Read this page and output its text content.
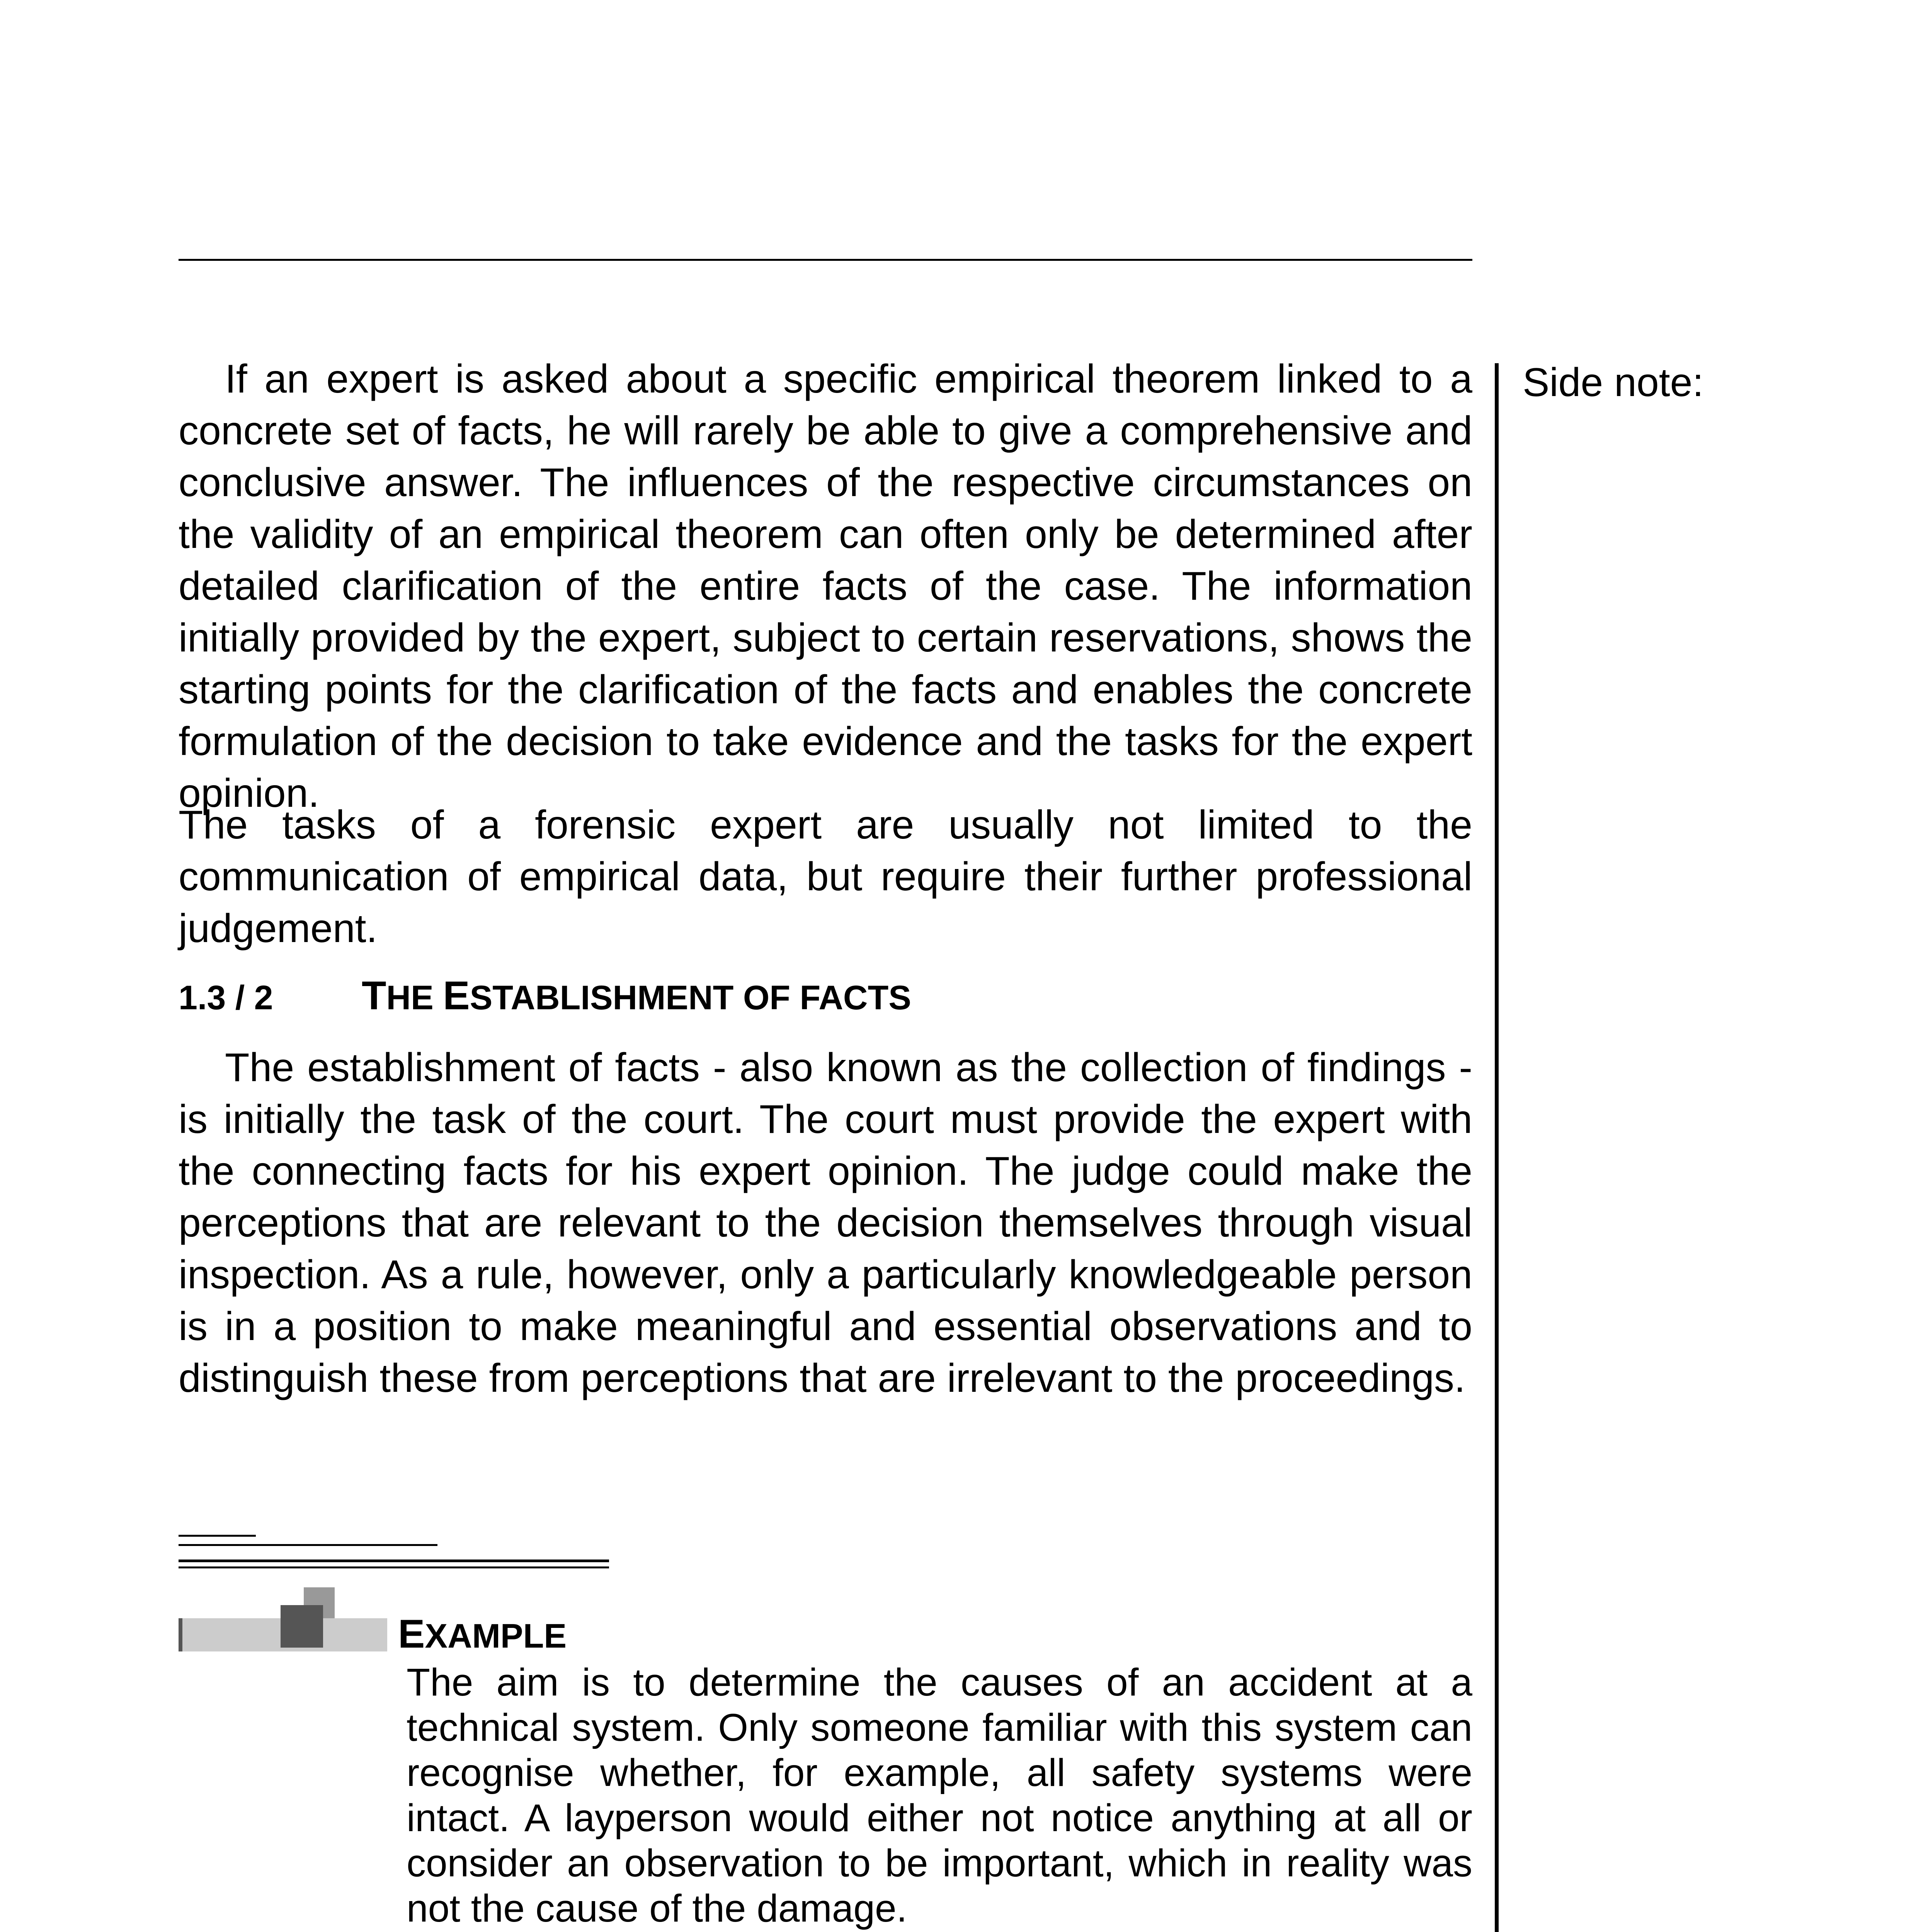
Side note:

If an expert is asked about a specific empirical theorem linked to a concrete set of facts, he will rarely be able to give a comprehensive and conclusive answer. The influences of the respective circumstances on the validity of an empirical theorem can often only be determined after detailed clarification of the entire facts of the case. The information initially provided by the expert, subject to certain reservations, shows the starting points for the clarification of the facts and enables the concrete formulation of the decision to take evidence and the tasks for the expert opinion.

The tasks of a forensic expert are usually not limited to the communication of empirical data, but require their further professional judgement.

1.3 / 2 THE ESTABLISHMENT OF FACTS

The establishment of facts - also known as the collection of findings - is initially the task of the court. The court must provide the expert with the connecting facts for his expert opinion. The judge could make the perceptions that are relevant to the decision themselves through visual inspection. As a rule, however, only a particularly knowledgeable person is in a position to make meaningful and essential observations and to distinguish these from perceptions that are irrelevant to the proceedings.

EXAMPLE

The aim is to determine the causes of an accident at a technical system. Only someone familiar with this system can recognise whether, for example, all safety systems were intact. A layperson would either not notice anything at all or consider an observation to be important, which in reality was not the cause of the damage.
